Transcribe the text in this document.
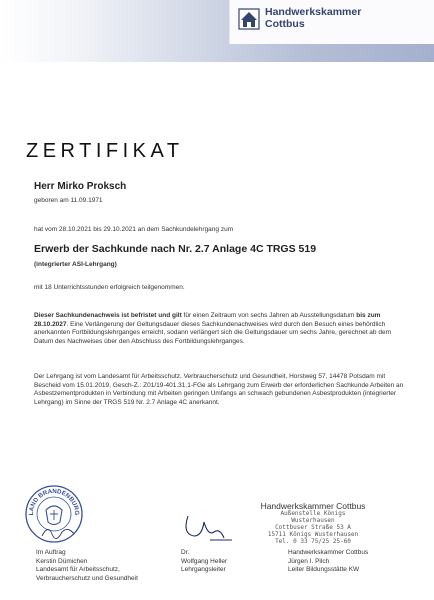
Handwerkskammer
Cottbus
ZERTIFIKAT
Herr Mirko Proksch
geboren am 11.09.1971
hat vom 28.10.2021 bis 29.10.2021 an dem Sachkundelehrgang zum
Erwerb der Sachkunde nach Nr. 2.7 Anlage 4C TRGS 519
(integrierter ASI-Lehrgang)
mit 18 Unterrichtsstunden erfolgreich teilgenommen.
Dieser Sachkundenachweis ist befristet und gilt für einen Zeitraum von sechs Jahren ab Ausstellungsdatum bis zum 28.10.2027. Eine Verlängerung der Geltungsdauer dieses Sachkundenachweises wird durch den Besuch eines behördlich anerkannten Fortbildungslehrganges erreicht, sodann verlängert sich die Geltungsdauer um sechs Jahre, gerechnet ab dem Datum des Nachweises über den Abschluss des Fortbildungslehrganges.
Der Lehrgang ist vom Landesamt für Arbeitsschutz, Verbraucherschutz und Gesundheit, Horstweg 57, 14478 Potsdam mit Bescheid vom 15.01.2019, Gesch-Z.: Z01/19-401.31.1-FGe als Lehrgang zum Erwerb der erforderlichen Sachkunde Arbeiten an Asbestzementprodukten in Verbindung mit Arbeiten geringen Umfangs an schwach gebundenen Asbestprodukten (integrierter Lehrgang) im Sinne der TRGS 519 Nr. 2.7 Anlage 4C anerkannt.
LAND BRANDENBURG
Handwerkskammer Cottbus
Außenstelle Königs Wusterhausen
Cottbuser Straße 53 A
15711 Königs Wusterhausen
Tel. 0 33 75/25 25-60
Im Auftrag
Kerstin Dümichen
Landesamt für Arbeitsschutz,
Verbraucherschutz und Gesundheit
Dr.
Wolfgang Heller
Lehrgangsleiter
Handwerkskammer Cottbus
Jürgen I. Pilch
Leiter Bildungsstätte KW
